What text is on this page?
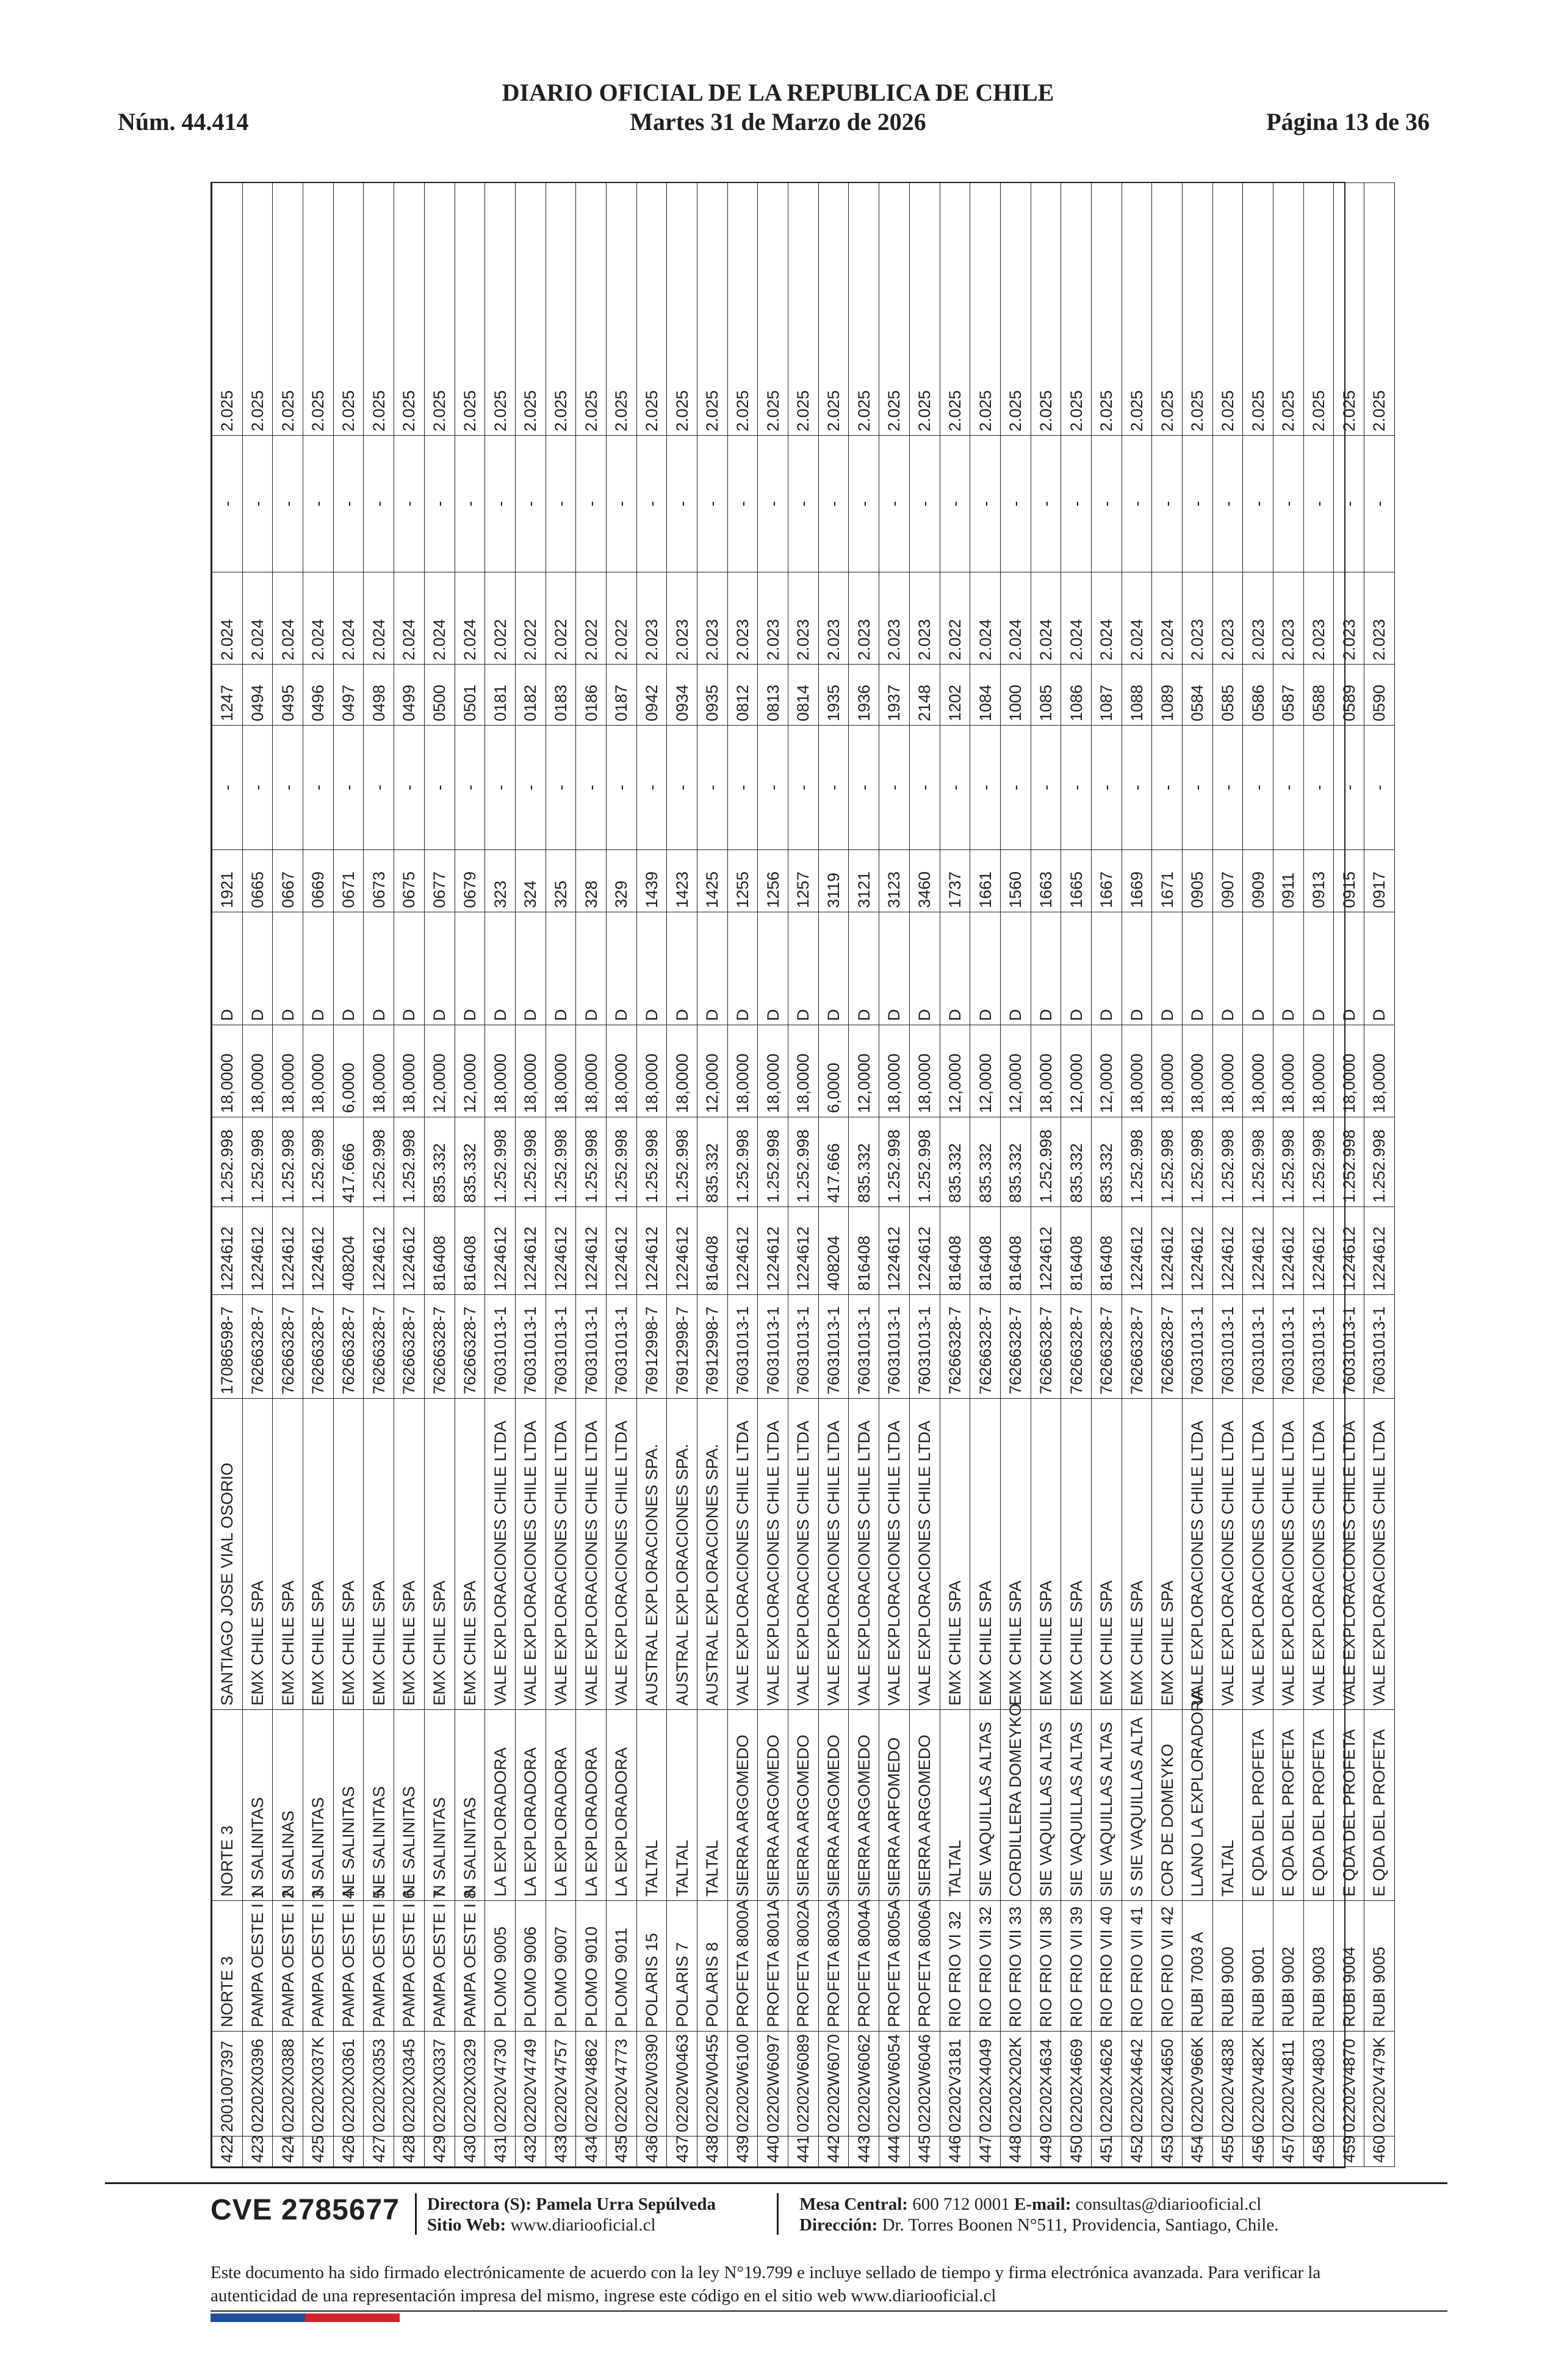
DIARIO OFICIAL DE LA REPUBLICA DE CHILE
Núm. 44.414	Martes 31 de Marzo de 2026	Página 13 de 36
422	2001007397	NORTE 3	NORTE 3	SANTIAGO JOSE VIAL OSORIO	17086598-7	1224612	1.252.998	18,0000	D	1921	-	1247	2.024	-	2.025
423	02202X0396	PAMPA OESTE I 1	N SALINITAS	EMX CHILE SPA	76266328-7	1224612	1.252.998	18,0000	D	0665	-	0494	2.024	-	2.025
424	02202X0388	PAMPA OESTE I 2	N SALINAS	EMX CHILE SPA	76266328-7	1224612	1.252.998	18,0000	D	0667	-	0495	2.024	-	2.025
425	02202X037K	PAMPA OESTE I 3	N SALINITAS	EMX CHILE SPA	76266328-7	1224612	1.252.998	18,0000	D	0669	-	0496	2.024	-	2.025
426	02202X0361	PAMPA OESTE I 4	NE SALINITAS	EMX CHILE SPA	76266328-7	408204	417.666	6,0000	D	0671	-	0497	2.024	-	2.025
427	02202X0353	PAMPA OESTE I 5	NE SALINITAS	EMX CHILE SPA	76266328-7	1224612	1.252.998	18,0000	D	0673	-	0498	2.024	-	2.025
428	02202X0345	PAMPA OESTE I 6	NE SALINITAS	EMX CHILE SPA	76266328-7	1224612	1.252.998	18,0000	D	0675	-	0499	2.024	-	2.025
429	02202X0337	PAMPA OESTE I 7	N SALINITAS	EMX CHILE SPA	76266328-7	816408	835.332	12,0000	D	0677	-	0500	2.024	-	2.025
430	02202X0329	PAMPA OESTE I 8	N SALINITAS	EMX CHILE SPA	76266328-7	816408	835.332	12,0000	D	0679	-	0501	2.024	-	2.025
431	02202V4730	PLOMO 9005	LA EXPLORADORA	VALE EXPLORACIONES CHILE LTDA	76031013-1	1224612	1.252.998	18,0000	D	323	-	0181	2.022	-	2.025
432	02202V4749	PLOMO 9006	LA EXPLORADORA	VALE EXPLORACIONES CHILE LTDA	76031013-1	1224612	1.252.998	18,0000	D	324	-	0182	2.022	-	2.025
433	02202V4757	PLOMO 9007	LA EXPLORADORA	VALE EXPLORACIONES CHILE LTDA	76031013-1	1224612	1.252.998	18,0000	D	325	-	0183	2.022	-	2.025
434	02202V4862	PLOMO 9010	LA EXPLORADORA	VALE EXPLORACIONES CHILE LTDA	76031013-1	1224612	1.252.998	18,0000	D	328	-	0186	2.022	-	2.025
435	02202V4773	PLOMO 9011	LA EXPLORADORA	VALE EXPLORACIONES CHILE LTDA	76031013-1	1224612	1.252.998	18,0000	D	329	-	0187	2.022	-	2.025
436	02202W0390	POLARIS 15	TALTAL	AUSTRAL EXPLORACIONES SPA.	76912998-7	1224612	1.252.998	18,0000	D	1439	-	0942	2.023	-	2.025
437	02202W0463	POLARIS 7	TALTAL	AUSTRAL EXPLORACIONES SPA.	76912998-7	1224612	1.252.998	18,0000	D	1423	-	0934	2.023	-	2.025
438	02202W0455	POLARIS 8	TALTAL	AUSTRAL EXPLORACIONES SPA.	76912998-7	816408	835.332	12,0000	D	1425	-	0935	2.023	-	2.025
439	02202W6100	PROFETA 8000A	SIERRA ARGOMEDO	VALE EXPLORACIONES CHILE LTDA	76031013-1	1224612	1.252.998	18,0000	D	1255	-	0812	2.023	-	2.025
440	02202W6097	PROFETA 8001A	SIERRA ARGOMEDO	VALE EXPLORACIONES CHILE LTDA	76031013-1	1224612	1.252.998	18,0000	D	1256	-	0813	2.023	-	2.025
441	02202W6089	PROFETA 8002A	SIERRA ARGOMEDO	VALE EXPLORACIONES CHILE LTDA	76031013-1	1224612	1.252.998	18,0000	D	1257	-	0814	2.023	-	2.025
442	02202W6070	PROFETA 8003A	SIERRA ARGOMEDO	VALE EXPLORACIONES CHILE LTDA	76031013-1	408204	417.666	6,0000	D	3119	-	1935	2.023	-	2.025
443	02202W6062	PROFETA 8004A	SIERRA ARGOMEDO	VALE EXPLORACIONES CHILE LTDA	76031013-1	816408	835.332	12,0000	D	3121	-	1936	2.023	-	2.025
444	02202W6054	PROFETA 8005A	SIERRA ARFOMEDO	VALE EXPLORACIONES CHILE LTDA	76031013-1	1224612	1.252.998	18,0000	D	3123	-	1937	2.023	-	2.025
445	02202W6046	PROFETA 8006A	SIERRA ARGOMEDO	VALE EXPLORACIONES CHILE LTDA	76031013-1	1224612	1.252.998	18,0000	D	3460	-	2148	2.023	-	2.025
446	02202V3181	RIO FRIO VI 32	TALTAL	EMX CHILE SPA	76266328-7	816408	835.332	12,0000	D	1737	-	1202	2.022	-	2.025
447	02202X4049	RIO FRIO VII 32	SIE VAQUILLAS ALTAS	EMX CHILE SPA	76266328-7	816408	835.332	12,0000	D	1661	-	1084	2.024	-	2.025
448	02202X202K	RIO FRIO VII 33	CORDILLERA DOMEYKO	EMX CHILE SPA	76266328-7	816408	835.332	12,0000	D	1560	-	1000	2.024	-	2.025
449	02202X4634	RIO FRIO VII 38	SIE VAQUILLAS ALTAS	EMX CHILE SPA	76266328-7	1224612	1.252.998	18,0000	D	1663	-	1085	2.024	-	2.025
450	02202X4669	RIO FRIO VII 39	SIE VAQUILLAS ALTAS	EMX CHILE SPA	76266328-7	816408	835.332	12,0000	D	1665	-	1086	2.024	-	2.025
451	02202X4626	RIO FRIO VII 40	SIE VAQUILLAS ALTAS	EMX CHILE SPA	76266328-7	816408	835.332	12,0000	D	1667	-	1087	2.024	-	2.025
452	02202X4642	RIO FRIO VII 41	S SIE VAQUILLAS ALTA	EMX CHILE SPA	76266328-7	1224612	1.252.998	18,0000	D	1669	-	1088	2.024	-	2.025
453	02202X4650	RIO FRIO VII 42	COR DE DOMEYKO	EMX CHILE SPA	76266328-7	1224612	1.252.998	18,0000	D	1671	-	1089	2.024	-	2.025
454	02202V966K	RUBI 7003 A	LLANO LA EXPLORADORA	VALE EXPLORACIONES CHILE LTDA	76031013-1	1224612	1.252.998	18,0000	D	0905	-	0584	2.023	-	2.025
455	02202V4838	RUBI 9000	TALTAL	VALE EXPLORACIONES CHILE LTDA	76031013-1	1224612	1.252.998	18,0000	D	0907	-	0585	2.023	-	2.025
456	02202V482K	RUBI 9001	E QDA DEL PROFETA	VALE EXPLORACIONES CHILE LTDA	76031013-1	1224612	1.252.998	18,0000	D	0909	-	0586	2.023	-	2.025
457	02202V4811	RUBI 9002	E QDA DEL PROFETA	VALE EXPLORACIONES CHILE LTDA	76031013-1	1224612	1.252.998	18,0000	D	0911	-	0587	2.023	-	2.025
458	02202V4803	RUBI 9003	E QDA DEL PROFETA	VALE EXPLORACIONES CHILE LTDA	76031013-1	1224612	1.252.998	18,0000	D	0913	-	0588	2.023	-	2.025
459	02202V4870	RUBI 9004	E QDA DEL PROFETA	VALE EXPLORACIONES CHILE LTDA	76031013-1	1224612	1.252.998	18,0000	D	0915	-	0589	2.023	-	2.025
460	02202V479K	RUBI 9005	E QDA DEL PROFETA	VALE EXPLORACIONES CHILE LTDA	76031013-1	1224612	1.252.998	18,0000	D	0917	-	0590	2.023	-	2.025
CVE 2785677 Directora (S): Pamela Urra Sepúlveda
Sitio Web: www.diariooficial.cl
Mesa Central: 600 712 0001 E-mail: consultas@diariooficial.cl
Dirección: Dr. Torres Boonen N°511, Providencia, Santiago, Chile.
Este documento ha sido firmado electrónicamente de acuerdo con la ley N°19.799 e incluye sellado de tiempo y firma electrónica avanzada. Para verificar la autenticidad de una representación impresa del mismo, ingrese este código en el sitio web www.diariooficial.cl
